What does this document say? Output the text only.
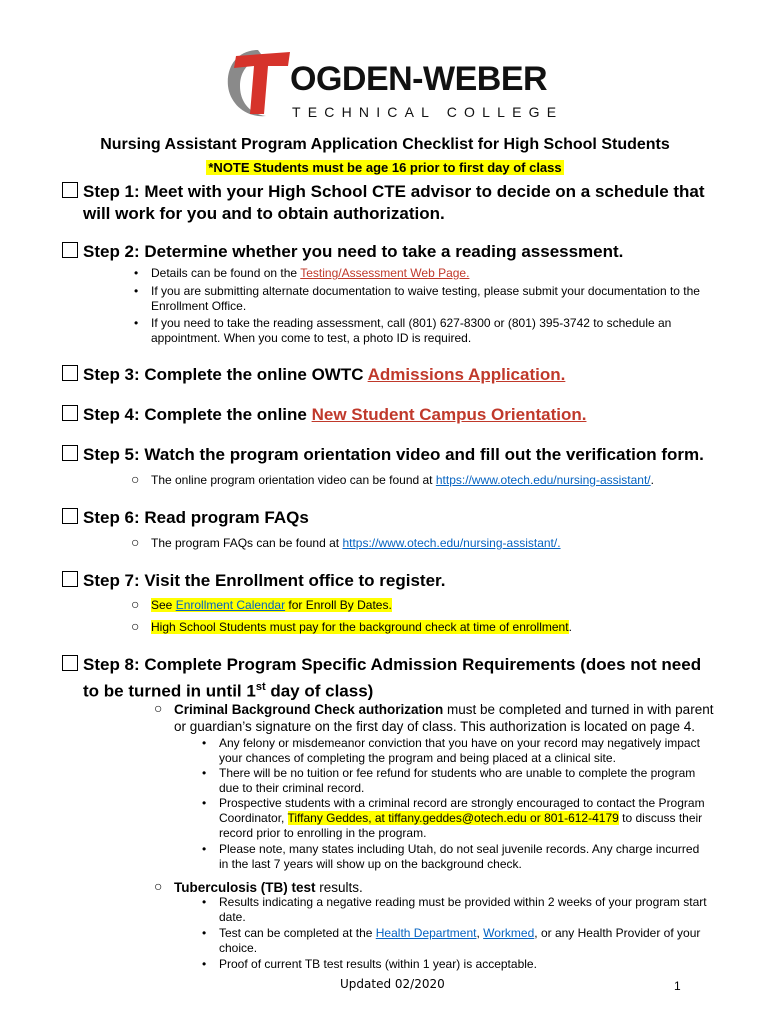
OGDEN-WEBER
TECHNICAL COLLEGE
Nursing Assistant Program Application Checklist for High School Students
*NOTE Students must be age 16 prior to first day of class
Step 1: Meet with your High School CTE advisor to decide on a schedule that
will work for you and to obtain authorization.
Step 2: Determine whether you need to take a reading assessment.
• Details can be found on the Testing/Assessment Web Page.
• If you are submitting alternate documentation to waive testing, please submit your documentation to the
Enrollment Office.
• If you need to take the reading assessment, call (801) 627-8300 or (801) 395-3742 to schedule an
appointment. When you come to test, a photo ID is required.
Step 3: Complete the online OWTC Admissions Application.
Step 4: Complete the online New Student Campus Orientation.
Step 5: Watch the program orientation video and fill out the verification form.
○ The online program orientation video can be found at https://www.otech.edu/nursing-assistant/.
Step 6: Read program FAQs
○ The program FAQs can be found at https://www.otech.edu/nursing-assistant/.
Step 7: Visit the Enrollment office to register.
○ See Enrollment Calendar for Enroll By Dates.
○ High School Students must pay for the background check at time of enrollment.
Step 8: Complete Program Specific Admission Requirements (does not need
to be turned in until 1st day of class)
○ Criminal Background Check authorization must be completed and turned in with parent
or guardian’s signature on the first day of class. This authorization is located on page 4.
• Any felony or misdemeanor conviction that you have on your record may negatively impact
your chances of completing the program and being placed at a clinical site.
• There will be no tuition or fee refund for students who are unable to complete the program
due to their criminal record.
• Prospective students with a criminal record are strongly encouraged to contact the Program
Coordinator, Tiffany Geddes, at tiffany.geddes@otech.edu or 801-612-4179 to discuss their
record prior to enrolling in the program.
• Please note, many states including Utah, do not seal juvenile records. Any charge incurred
in the last 7 years will show up on the background check.
○ Tuberculosis (TB) test results.
• Results indicating a negative reading must be provided within 2 weeks of your program start
date.
• Test can be completed at the Health Department, Workmed, or any Health Provider of your
choice.
• Proof of current TB test results (within 1 year) is acceptable.
Updated 02/2020	1
